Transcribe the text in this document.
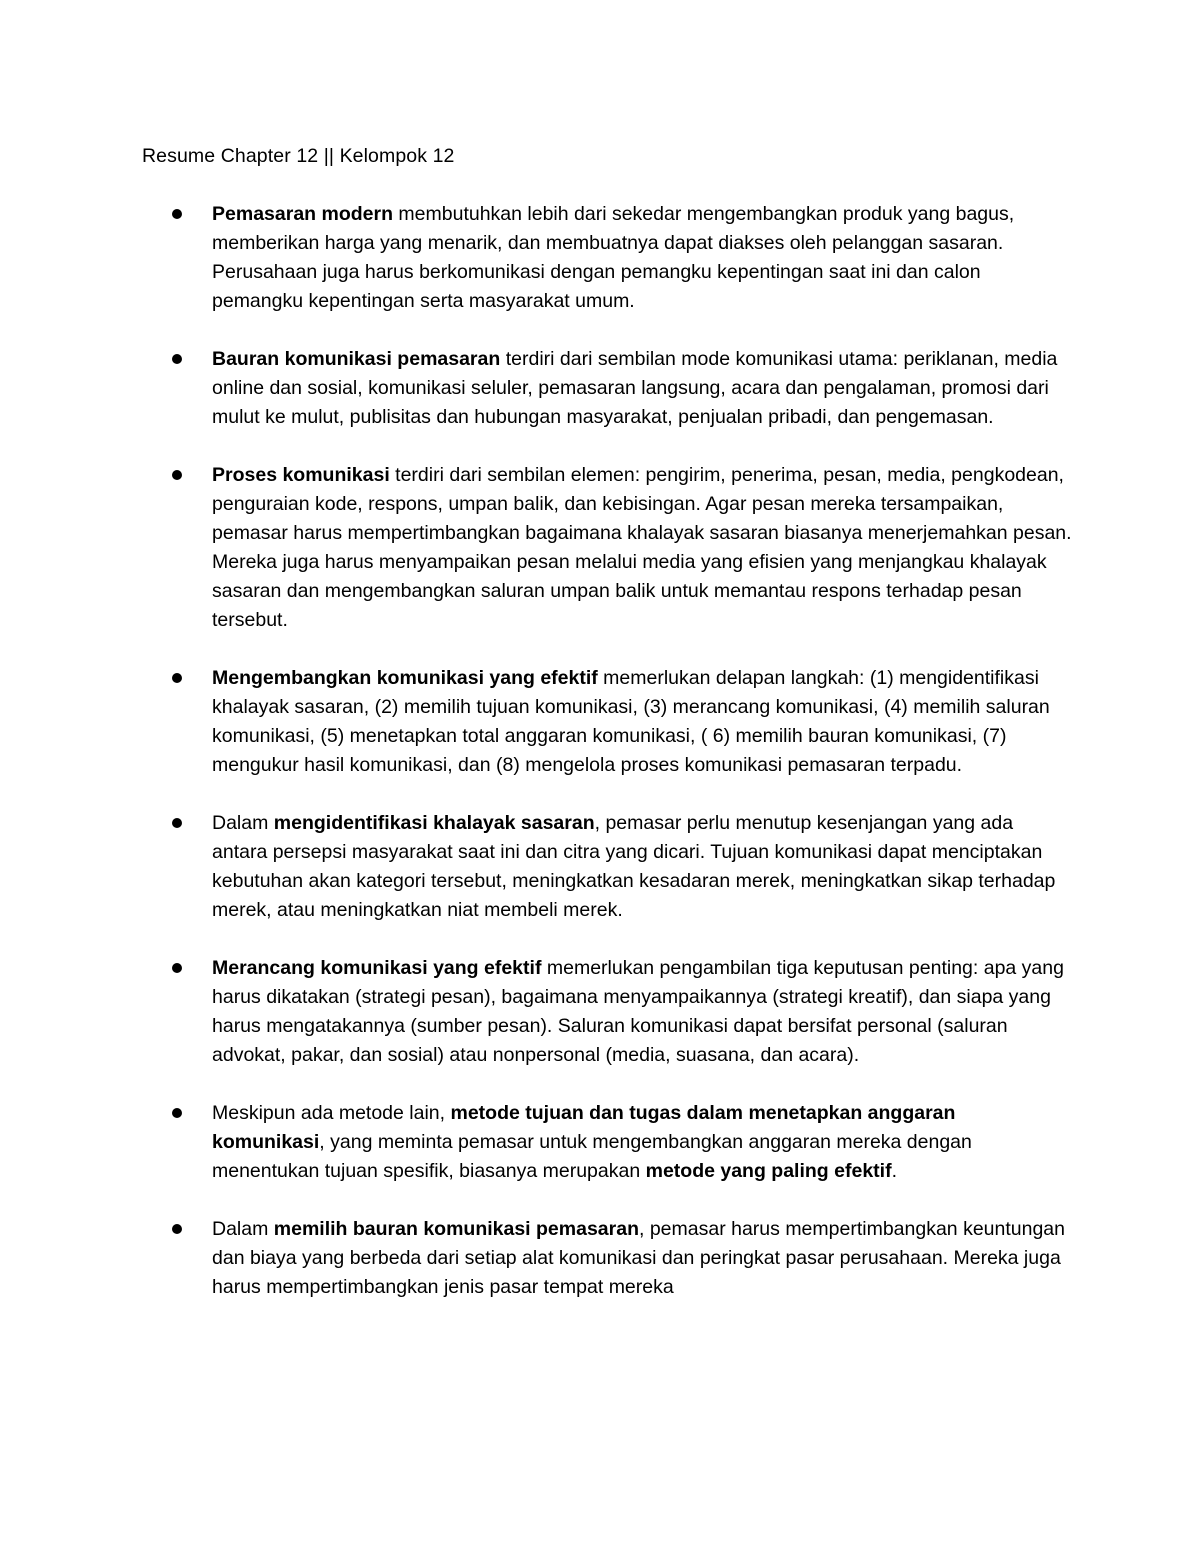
Resume Chapter 12 || Kelompok 12
Pemasaran modern membutuhkan lebih dari sekedar mengembangkan produk yang bagus, memberikan harga yang menarik, dan membuatnya dapat diakses oleh pelanggan sasaran. Perusahaan juga harus berkomunikasi dengan pemangku kepentingan saat ini dan calon pemangku kepentingan serta masyarakat umum.
Bauran komunikasi pemasaran terdiri dari sembilan mode komunikasi utama: periklanan, media online dan sosial, komunikasi seluler, pemasaran langsung, acara dan pengalaman, promosi dari mulut ke mulut, publisitas dan hubungan masyarakat, penjualan pribadi, dan pengemasan.
Proses komunikasi terdiri dari sembilan elemen: pengirim, penerima, pesan, media, pengkodean, penguraian kode, respons, umpan balik, dan kebisingan. Agar pesan mereka tersampaikan, pemasar harus mempertimbangkan bagaimana khalayak sasaran biasanya menerjemahkan pesan. Mereka juga harus menyampaikan pesan melalui media yang efisien yang menjangkau khalayak sasaran dan mengembangkan saluran umpan balik untuk memantau respons terhadap pesan tersebut.
Mengembangkan komunikasi yang efektif memerlukan delapan langkah: (1) mengidentifikasi khalayak sasaran, (2) memilih tujuan komunikasi, (3) merancang komunikasi, (4) memilih saluran komunikasi, (5) menetapkan total anggaran komunikasi, ( 6) memilih bauran komunikasi, (7) mengukur hasil komunikasi, dan (8) mengelola proses komunikasi pemasaran terpadu.
Dalam mengidentifikasi khalayak sasaran, pemasar perlu menutup kesenjangan yang ada antara persepsi masyarakat saat ini dan citra yang dicari. Tujuan komunikasi dapat menciptakan kebutuhan akan kategori tersebut, meningkatkan kesadaran merek, meningkatkan sikap terhadap merek, atau meningkatkan niat membeli merek.
Merancang komunikasi yang efektif memerlukan pengambilan tiga keputusan penting: apa yang harus dikatakan (strategi pesan), bagaimana menyampaikannya (strategi kreatif), dan siapa yang harus mengatakannya (sumber pesan). Saluran komunikasi dapat bersifat personal (saluran advokat, pakar, dan sosial) atau nonpersonal (media, suasana, dan acara).
Meskipun ada metode lain, metode tujuan dan tugas dalam menetapkan anggaran komunikasi, yang meminta pemasar untuk mengembangkan anggaran mereka dengan menentukan tujuan spesifik, biasanya merupakan metode yang paling efektif.
Dalam memilih bauran komunikasi pemasaran, pemasar harus mempertimbangkan keuntungan dan biaya yang berbeda dari setiap alat komunikasi dan peringkat pasar perusahaan. Mereka juga harus mempertimbangkan jenis pasar tempat mereka
